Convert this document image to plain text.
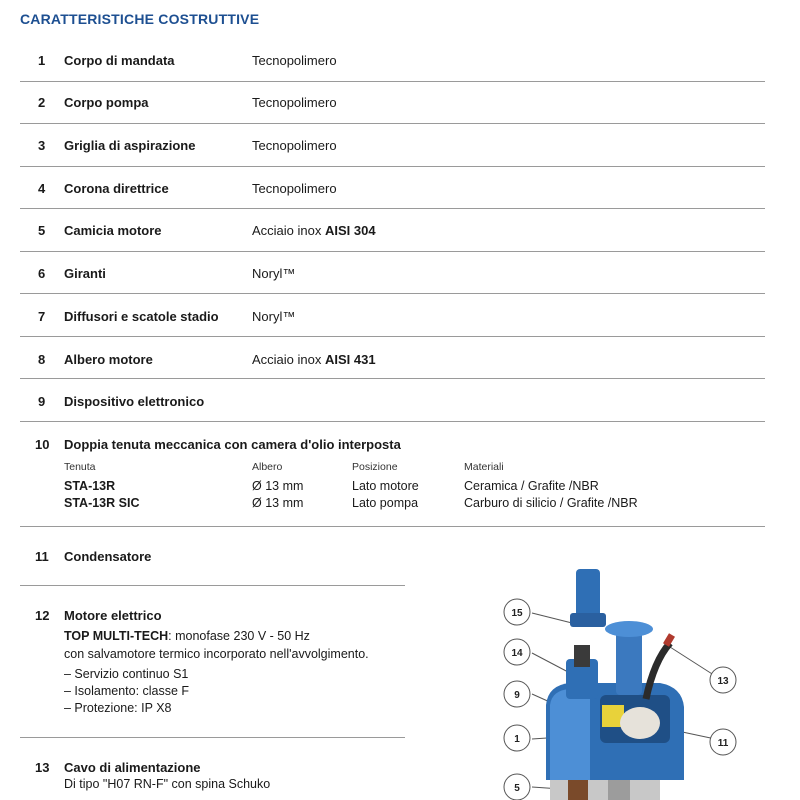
CARATTERISTICHE COSTRUTTIVE
1 Corpo di mandata	Tecnopolimero
2 Corpo pompa	Tecnopolimero
3 Griglia di aspirazione	Tecnopolimero
4 Corona direttrice	Tecnopolimero
5 Camicia motore	Acciaio inox AISI 304
6 Giranti	Noryl™
7 Diffusori e scatole stadio	Noryl™
8 Albero motore	Acciaio inox AISI 431
9 Dispositivo elettronico
10 Doppia tenuta meccanica con camera d'olio interposta
Tenuta	Albero	Posizione	Materiali
STA-13R	Ø 13 mm	Lato motore	Ceramica / Grafite /NBR
STA-13R SIC	Ø 13 mm	Lato pompa	Carburo di silicio / Grafite /NBR
11 Condensatore
12 Motore elettrico
TOP MULTI-TECH: monofase 230 V - 50 Hz
con salvamotore termico incorporato nell'avvolgimento.
– Servizio continuo S1
– Isolamento: classe F
– Protezione: IP X8
13 Cavo di alimentazione
Di tipo "H07 RN-F" con spina Schuko
15
14
13
9
11
1
5
